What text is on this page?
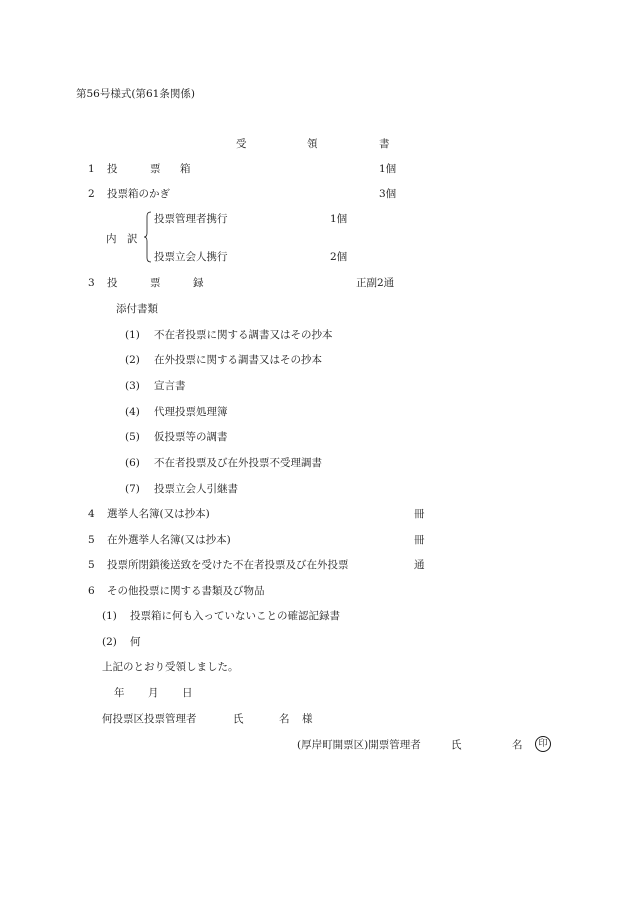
第56号様式(第61条関係)
受	領	書
1 投	票 箱	1個
2 投票箱のかぎ	3個
投票管理者携行	1個
内　訳
投票立会人携行	2個
3 投	票	録	正副2通
添付書類
(1) 不在者投票に関する調書又はその抄本
(2) 在外投票に関する調書又はその抄本
(3) 宣言書
(4) 代理投票処理簿
(5) 仮投票等の調書
(6) 不在者投票及び在外投票不受理調書
(7) 投票立会人引継書
4 選挙人名簿(又は抄本)	冊
5 在外選挙人名簿(又は抄本)	冊
5 投票所閉鎖後送致を受けた不在者投票及び在外投票	通
6 その他投票に関する書類及び物品
(1) 投票箱に何も入っていないことの確認記録書
(2) 何
上記のとおり受領しました。
年 月 日
何投票区投票管理者	氏	名 様
(厚岸町開票区)開票管理者	氏	名	印
